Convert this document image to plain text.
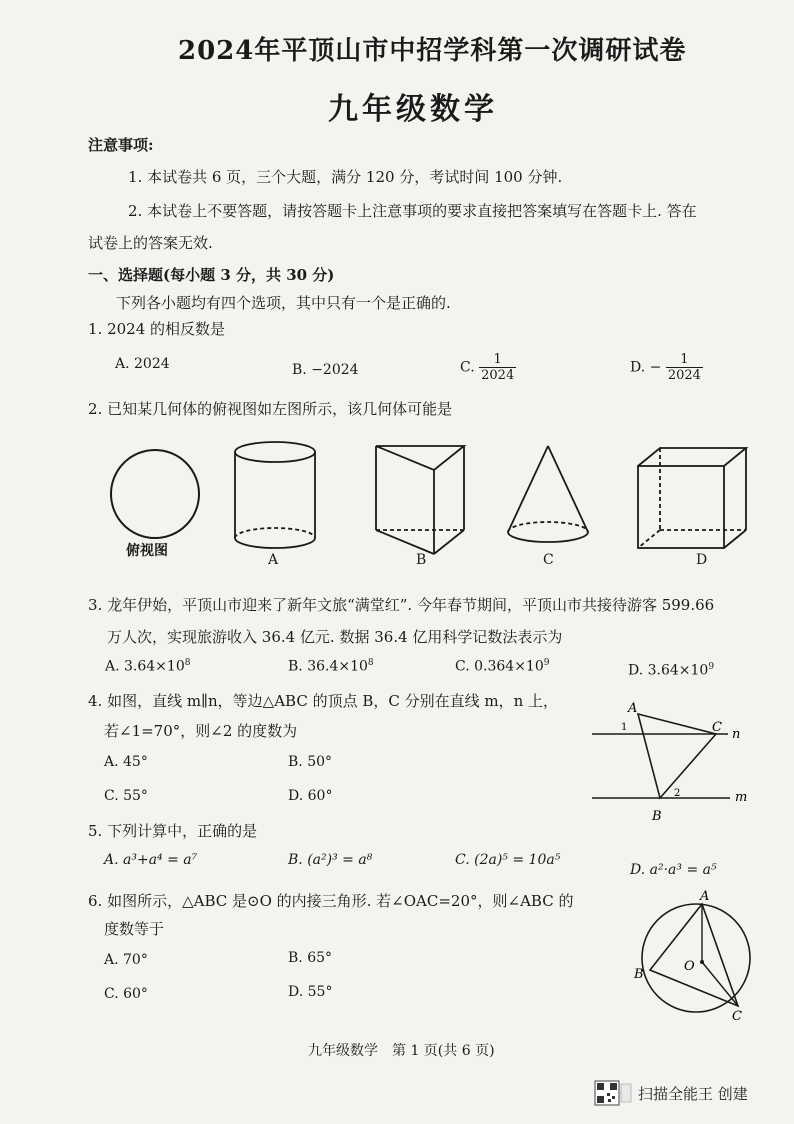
2024年平顶山市中招学科第一次调研试卷
九年级数学
注意事项:
1. 本试卷共 6 页，三个大题，满分 120 分，考试时间 100 分钟.
2. 本试卷上不要答题，请按答题卡上注意事项的要求直接把答案填写在答题卡上. 答在
试卷上的答案无效.
一、选择题(每小题 3 分，共 30 分)
下列各小题均有四个选项，其中只有一个是正确的.
1. 2024 的相反数是
A. 2024	B. −2024	C. $\frac{1}{2024}$	D. − $\frac{1}{2024}$
2. 已知某几何体的俯视图如左图所示，该几何体可能是
俯视图
A	B	C	D
3. 龙年伊始，平顶山市迎来了新年文旅“满堂红”. 今年春节期间，平顶山市共接待游客 599.66
万人次，实现旅游收入 36.4 亿元. 数据 36.4 亿用科学记数法表示为
A. $3.64\times 10^8$	B. $36.4\times 10^8$	C. $0.364\times 10^9$	D. $3.64\times 10^9$
4. 如图，直线 m∥n，等边△ABC 的顶点 B，C 分别在直线 m，n 上，
若∠1=70°，则∠2 的度数为
A. 45°	B. 50°
C. 55°	D. 60°
A
C
B
n
m
1
2
5. 下列计算中，正确的是
A. a³+a⁴ = a⁷	B. (a²)³ = a⁸	C. (2a)⁵ = 10a⁵
D. a²·a³ = a⁵
6. 如图所示，△ABC 是⊙O 的内接三角形. 若∠OAC=20°，则∠ABC 的
度数等于
A. 70°	B. 65°
C. 60°	D. 55°
A
B
C
O
九年级数学　第 1 页(共 6 页)
扫描全能王 创建
